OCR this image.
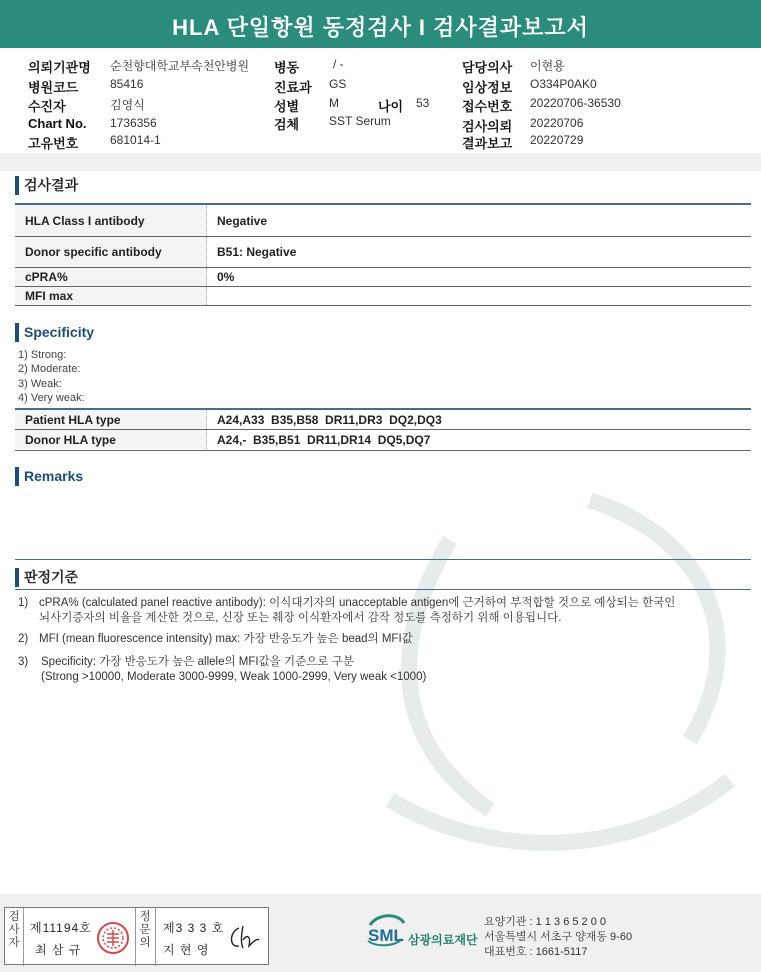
HLA 단일항원 동정검사 I 검사결과보고서
의뢰기관명 순천향대학교부속천안병원
병원코드	85416
수진자	김영식
Chart No. 1736356
고유번호	681014-1
병동	/ -
진료과 GS
성별 M	나이 53
검체 SST Serum
담당의사 이현용
임상정보 O334P0AK0
접수번호 20220706-36530
검사의뢰 20220706
결과보고 20220729
검사결과
HLA Class I antibody	Negative
Donor specific antibody	B51: Negative
cPRA%	0%
MFI max
Specificity
1) Strong:
2) Moderate:
3) Weak:
4) Very weak:
Patient HLA type	A24,A33  B35,B58  DR11,DR3  DQ2,DQ3
Donor HLA type	A24,-  B35,B51  DR11,DR14  DQ5,DQ7
Remarks
판정기준
1) cPRA% (calculated panel reactive antibody): 이식대기자의 unacceptable antigen에 근거하여 부적합할 것으로 예상되는 한국인
뇌사기증자의 비율을 계산한 것으로, 신장 또는 췌장 이식환자에서 감작 정도를 측정하기 위해 이용됩니다.
2) MFI (mean fluorescence intensity) max: 가장 반응도가 높은 bead의 MFI값
3) Specificity: 가장 반응도가 높은 allele의 MFI값을 기준으로 구분
(Strong >10000, Moderate 3000-9999, Weak 1000-2999, Very weak <1000)
검사자
제11194호
최 삼 규
정문의
제3 3 3 호
지 현 영
SML 삼광의료재단
요양기관 : 1 1 3 6 5 2 0 0
서울특별시 서초구 양재동 9-60
대표번호 : 1661-5117
